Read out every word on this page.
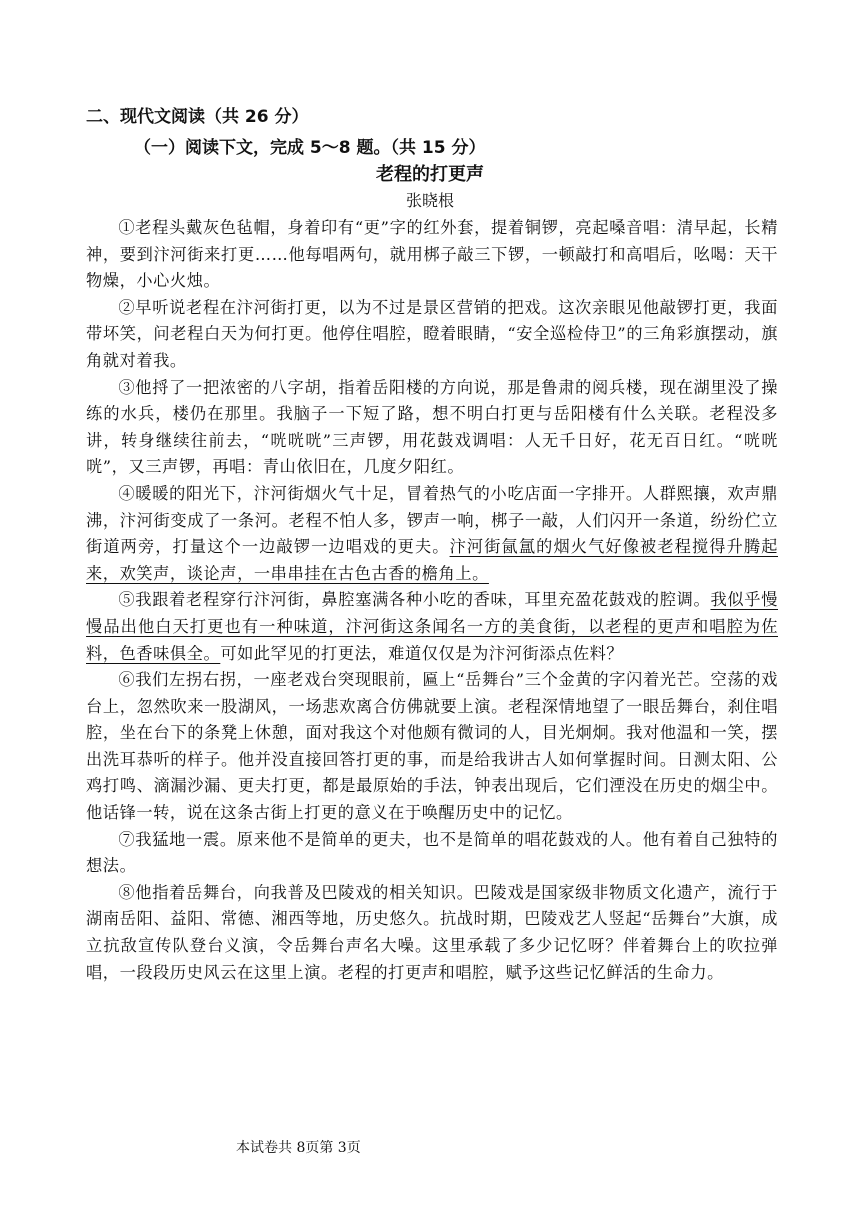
二、现代文阅读（共 26 分）
（一）阅读下文，完成 5～8 题。（共 15 分）
老程的打更声
张晓根

①老程头戴灰色毡帽，身着印有“更”字的红外套，提着铜锣，亮起嗓音唱：清早起，长精神，要到汴河街来打更……他每唱两句，就用梆子敲三下锣，一顿敲打和高唱后，吆喝：天干物燥，小心火烛。

②早听说老程在汴河街打更，以为不过是景区营销的把戏。这次亲眼见他敲锣打更，我面带坏笑，问老程白天为何打更。他停住唱腔，瞪着眼睛，“安全巡检侍卫”的三角彩旗摆动，旗角就对着我。

③他捋了一把浓密的八字胡，指着岳阳楼的方向说，那是鲁肃的阅兵楼，现在湖里没了操练的水兵，楼仍在那里。我脑子一下短了路，想不明白打更与岳阳楼有什么关联。老程没多讲，转身继续往前去，“咣咣咣”三声锣，用花鼓戏调唱：人无千日好，花无百日红。“咣咣咣”，又三声锣，再唱：青山依旧在，几度夕阳红。

④暖暖的阳光下，汴河街烟火气十足，冒着热气的小吃店面一字排开。人群熙攘，欢声鼎沸，汴河街变成了一条河。老程不怕人多，锣声一响，梆子一敲，人们闪开一条道，纷纷伫立街道两旁，打量这个一边敲锣一边唱戏的更夫。汴河街氤氲的烟火气好像被老程搅得升腾起来，欢笑声，谈论声，一串串挂在古色古香的檐角上。

⑤我跟着老程穿行汴河街，鼻腔塞满各种小吃的香味，耳里充盈花鼓戏的腔调。我似乎慢慢品出他白天打更也有一种味道，汴河街这条闻名一方的美食街，以老程的更声和唱腔为佐料，色香味俱全。可如此罕见的打更法，难道仅仅是为汴河街添点佐料？

⑥我们左拐右拐，一座老戏台突现眼前，匾上“岳舞台”三个金黄的字闪着光芒。空荡的戏台上，忽然吹来一股湖风，一场悲欢离合仿佛就要上演。老程深情地望了一眼岳舞台，刹住唱腔，坐在台下的条凳上休憩，面对我这个对他颇有微词的人，目光炯炯。我对他温和一笑，摆出洗耳恭听的样子。他并没直接回答打更的事，而是给我讲古人如何掌握时间。日测太阳、公鸡打鸣、滴漏沙漏、更夫打更，都是最原始的手法，钟表出现后，它们湮没在历史的烟尘中。他话锋一转，说在这条古街上打更的意义在于唤醒历史中的记忆。

⑦我猛地一震。原来他不是简单的更夫，也不是简单的唱花鼓戏的人。他有着自己独特的想法。

⑧他指着岳舞台，向我普及巴陵戏的相关知识。巴陵戏是国家级非物质文化遗产，流行于湖南岳阳、益阳、常德、湘西等地，历史悠久。抗战时期，巴陵戏艺人竖起“岳舞台”大旗，成立抗敌宣传队登台义演，令岳舞台声名大噪。这里承载了多少记忆呀？伴着舞台上的吹拉弹唱，一段段历史风云在这里上演。老程的打更声和唱腔，赋予这些记忆鲜活的生命力。

本试卷共 8页第 3页
